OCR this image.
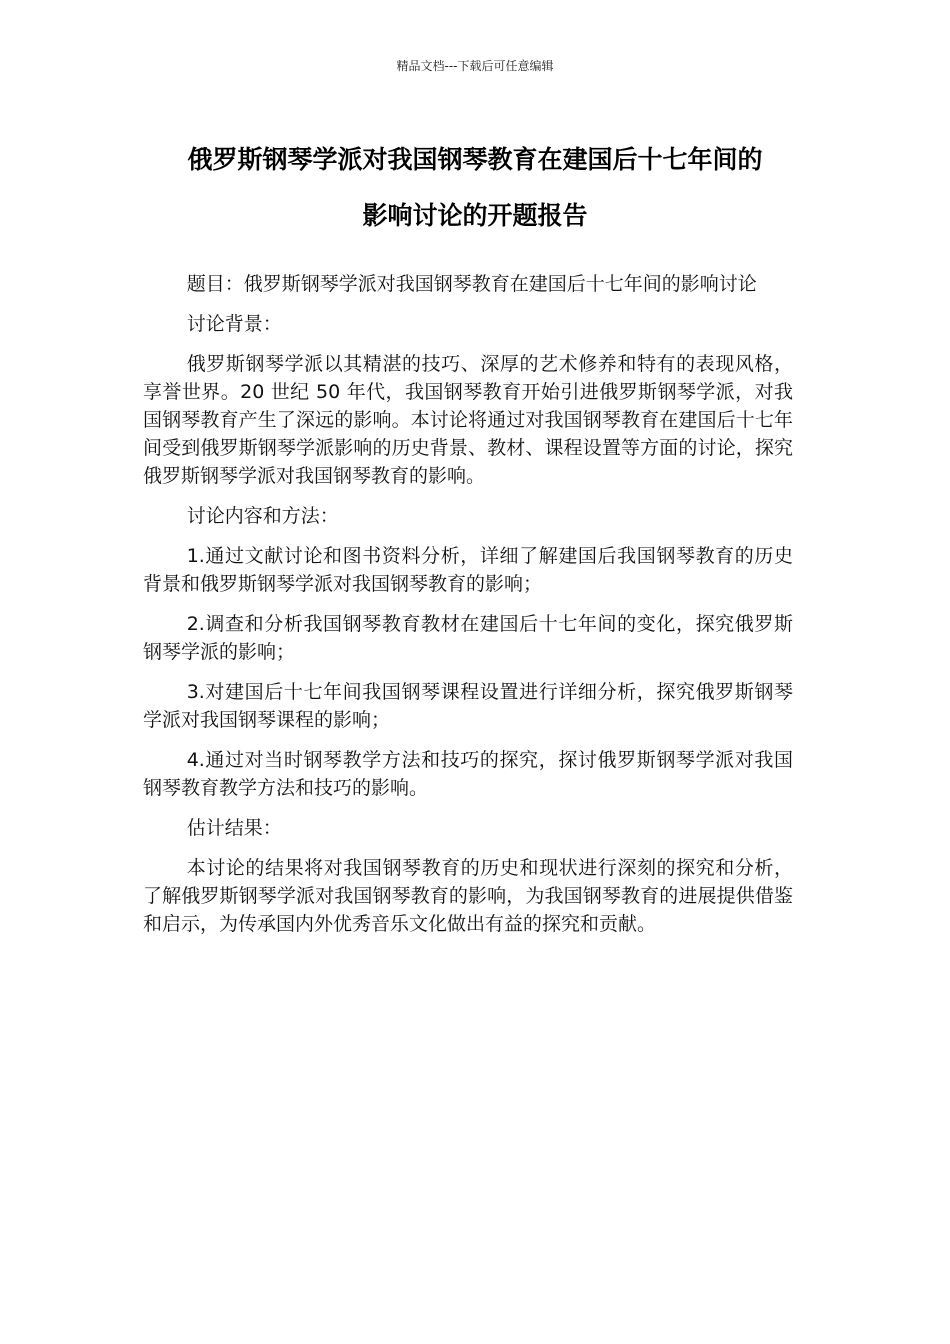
精品文档---下载后可任意编辑
俄罗斯钢琴学派对我国钢琴教育在建国后十七年间的
影响讨论的开题报告

题目：俄罗斯钢琴学派对我国钢琴教育在建国后十七年间的影响讨论

讨论背景：

俄罗斯钢琴学派以其精湛的技巧、深厚的艺术修养和特有的表现风格，享誉世界。20 世纪 50 年代，我国钢琴教育开始引进俄罗斯钢琴学派，对我国钢琴教育产生了深远的影响。本讨论将通过对我国钢琴教育在建国后十七年间受到俄罗斯钢琴学派影响的历史背景、教材、课程设置等方面的讨论，探究俄罗斯钢琴学派对我国钢琴教育的影响。

讨论内容和方法：

1.通过文献讨论和图书资料分析，详细了解建国后我国钢琴教育的历史背景和俄罗斯钢琴学派对我国钢琴教育的影响；

2.调查和分析我国钢琴教育教材在建国后十七年间的变化，探究俄罗斯钢琴学派的影响；

3.对建国后十七年间我国钢琴课程设置进行详细分析，探究俄罗斯钢琴学派对我国钢琴课程的影响；

4.通过对当时钢琴教学方法和技巧的探究，探讨俄罗斯钢琴学派对我国钢琴教育教学方法和技巧的影响。

估计结果：

本讨论的结果将对我国钢琴教育的历史和现状进行深刻的探究和分析，了解俄罗斯钢琴学派对我国钢琴教育的影响，为我国钢琴教育的进展提供借鉴和启示，为传承国内外优秀音乐文化做出有益的探究和贡献。
